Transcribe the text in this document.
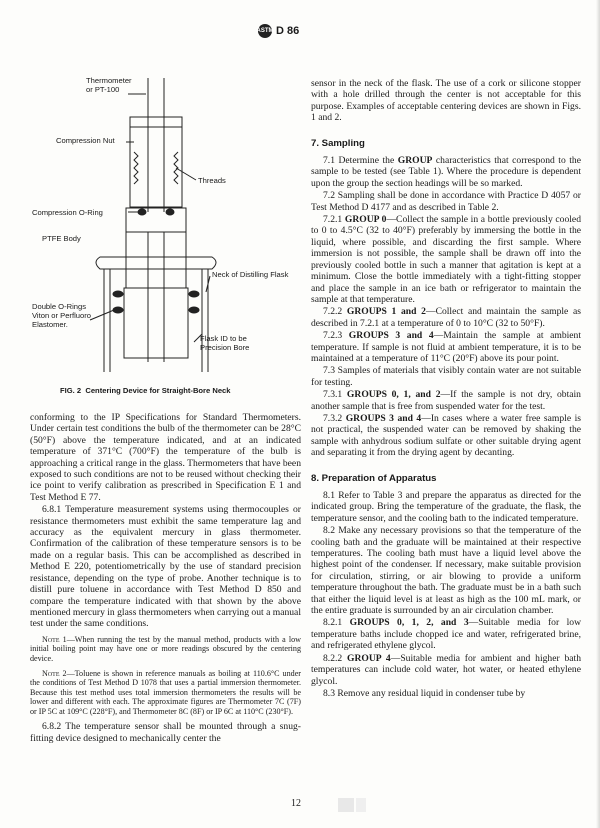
ASTM D 86
Thermometer
or PT-100
Compression Nut
Threads
Compression O-Ring
PTFE Body
Neck of Distilling Flask
Double O-Rings
Viton or Perfluoro
Elastomer.
Flask ID to be
Precision Bore
FIG. 2 Centering Device for Straight-Bore Neck

conforming to the IP Specifications for Standard Thermometers. Under certain test conditions the bulb of the thermometer can be 28°C (50°F) above the temperature indicated, and at an indicated temperature of 371°C (700°F) the temperature of the bulb is approaching a critical range in the glass. Thermometers that have been exposed to such conditions are not to be reused without checking their ice point to verify calibration as prescribed in Specification E 1 and Test Method E 77.

6.8.1 Temperature measurement systems using thermocouples or resistance thermometers must exhibit the same temperature lag and accuracy as the equivalent mercury in glass thermometer. Confirmation of the calibration of these temperature sensors is to be made on a regular basis. This can be accomplished as described in Method E 220, potentiometrically by the use of standard precision resistance, depending on the type of probe. Another technique is to distill pure toluene in accordance with Test Method D 850 and compare the temperature indicated with that shown by the above mentioned mercury in glass thermometers when carrying out a manual test under the same conditions.

Note 1—When running the test by the manual method, products with a low initial boiling point may have one or more readings obscured by the centering device.

Note 2—Toluene is shown in reference manuals as boiling at 110.6°C under the conditions of Test Method D 1078 that uses a partial immersion thermometer. Because this test method uses total immersion thermometers the results will be lower and different with each. The approximate figures are Thermometer 7C (7F) or IP 5C at 109°C (228°F), and Thermometer 8C (8F) or IP 6C at 110°C (230°F).

6.8.2 The temperature sensor shall be mounted through a snug-fitting device designed to mechanically center the

sensor in the neck of the flask. The use of a cork or silicone stopper with a hole drilled through the center is not acceptable for this purpose. Examples of acceptable centering devices are shown in Figs. 1 and 2.

7. Sampling

7.1 Determine the GROUP characteristics that correspond to the sample to be tested (see Table 1). Where the procedure is dependent upon the group the section headings will be so marked.

7.2 Sampling shall be done in accordance with Practice D 4057 or Test Method D 4177 and as described in Table 2.

7.2.1 GROUP 0—Collect the sample in a bottle previously cooled to 0 to 4.5°C (32 to 40°F) preferably by immersing the bottle in the liquid, where possible, and discarding the first sample. Where immersion is not possible, the sample shall be drawn off into the previously cooled bottle in such a manner that agitation is kept at a minimum. Close the bottle immediately with a tight-fitting stopper and place the sample in an ice bath or refrigerator to maintain the sample at that temperature.

7.2.2 GROUPS 1 and 2—Collect and maintain the sample as described in 7.2.1 at a temperature of 0 to 10°C (32 to 50°F).

7.2.3 GROUPS 3 and 4—Maintain the sample at ambient temperature. If sample is not fluid at ambient temperature, it is to be maintained at a temperature of 11°C (20°F) above its pour point.

7.3 Samples of materials that visibly contain water are not suitable for testing.

7.3.1 GROUPS 0, 1, and 2—If the sample is not dry, obtain another sample that is free from suspended water for the test.

7.3.2 GROUPS 3 and 4—In cases where a water free sample is not practical, the suspended water can be removed by shaking the sample with anhydrous sodium sulfate or other suitable drying agent and separating it from the drying agent by decanting.

8. Preparation of Apparatus

8.1 Refer to Table 3 and prepare the apparatus as directed for the indicated group. Bring the temperature of the graduate, the flask, the temperature sensor, and the cooling bath to the indicated temperature.

8.2 Make any necessary provisions so that the temperature of the cooling bath and the graduate will be maintained at their respective temperatures. The cooling bath must have a liquid level above the highest point of the condenser. If necessary, make suitable provision for circulation, stirring, or air blowing to provide a uniform temperature throughout the bath. The graduate must be in a bath such that either the liquid level is at least as high as the 100 mL mark, or the entire graduate is surrounded by an air circulation chamber.

8.2.1 GROUPS 0, 1, 2, and 3—Suitable media for low temperature baths include chopped ice and water, refrigerated brine, and refrigerated ethylene glycol.

8.2.2 GROUP 4—Suitable media for ambient and higher bath temperatures can include cold water, hot water, or heated ethylene glycol.

8.3 Remove any residual liquid in condenser tube by

12
